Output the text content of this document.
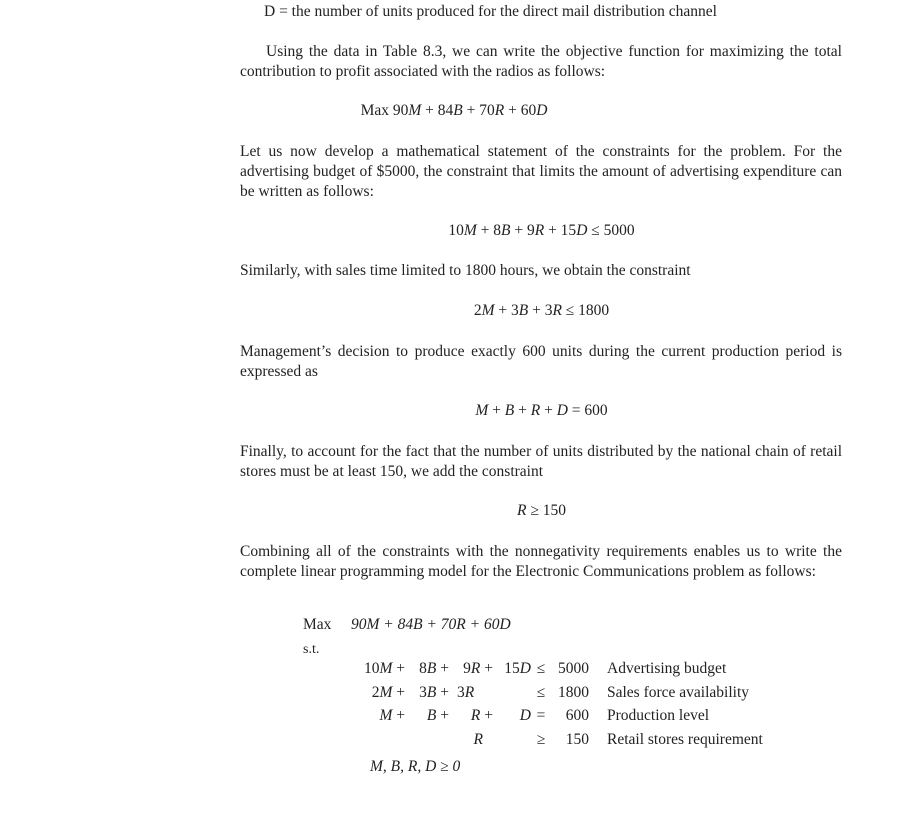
D = the number of units produced for the direct mail distribution channel
Using the data in Table 8.3, we can write the objective function for maximizing the total contribution to profit associated with the radios as follows:
Max 90M + 84B + 70R + 60D
Let us now develop a mathematical statement of the constraints for the problem. For the advertising budget of $5000, the constraint that limits the amount of advertising expenditure can be written as follows:
10M + 8B + 9R + 15D ≤ 5000
Similarly, with sales time limited to 1800 hours, we obtain the constraint
2M + 3B + 3R ≤ 1800
Management’s decision to produce exactly 600 units during the current production period is expressed as
M + B + R + D = 600
Finally, to account for the fact that the number of units distributed by the national chain of retail stores must be at least 150, we add the constraint
R ≥ 150
Combining all of the constraints with the nonnegativity requirements enables us to write the complete linear programming model for the Electronic Communications problem as follows:
Max 90M + 84B + 70R + 60D
s.t.
10M +	8B +	9R +	15D	≤	5000	Advertising budget
2M +	3B +	3R		≤	1800	Sales force availability
M +	B +	R +	D	=	600	Production level
		R		≥	150	Retail stores requirement
M, B, R, D ≥ 0
